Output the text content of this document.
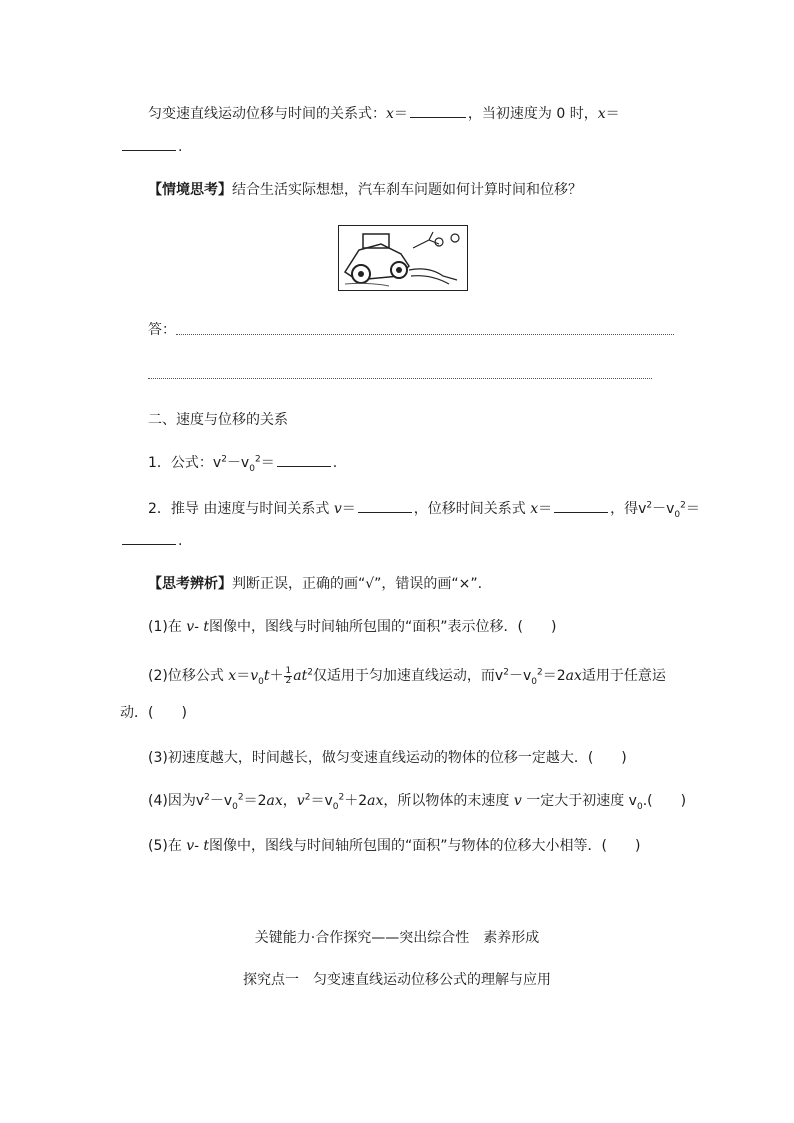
匀变速直线运动位移与时间的关系式：x＝	，当初速度为 0 时，x＝
.
【情境思考】结合生活实际想想，汽车刹车问题如何计算时间和位移？
答：
二、速度与位移的关系
1．公式：$v^2-v_0^2=$	.
2．推导 由速度与时间关系式 v＝	，位移时间关系式 x＝	，得$v^2-v_0^2=$
.
【思考辨析】判断正误，正确的画“√”，错误的画“×”.
(1)在 v- t图像中，图线与时间轴所包围的“面积”表示位移．(　　)
(2)位移公式 $x=v_0t+ \frac{1}{2} at^2$仅适用于匀加速直线运动，而$v^2-v_0^2=2ax$适用于任意运
动．(　　)
(3)初速度越大，时间越长，做匀变速直线运动的物体的位移一定越大．(　　)
(4)因为$v^2-v_0^2=2ax$，$v^2=v_0^2+2ax$，所以物体的末速度 v 一定大于初速度 $v_0$.(　　)
(5)在 v- t图像中，图线与时间轴所包围的“面积”与物体的位移大小相等．(　　)
关键能力·合作探究——突出综合性　素养形成
探究点一　匀变速直线运动位移公式的理解与应用
